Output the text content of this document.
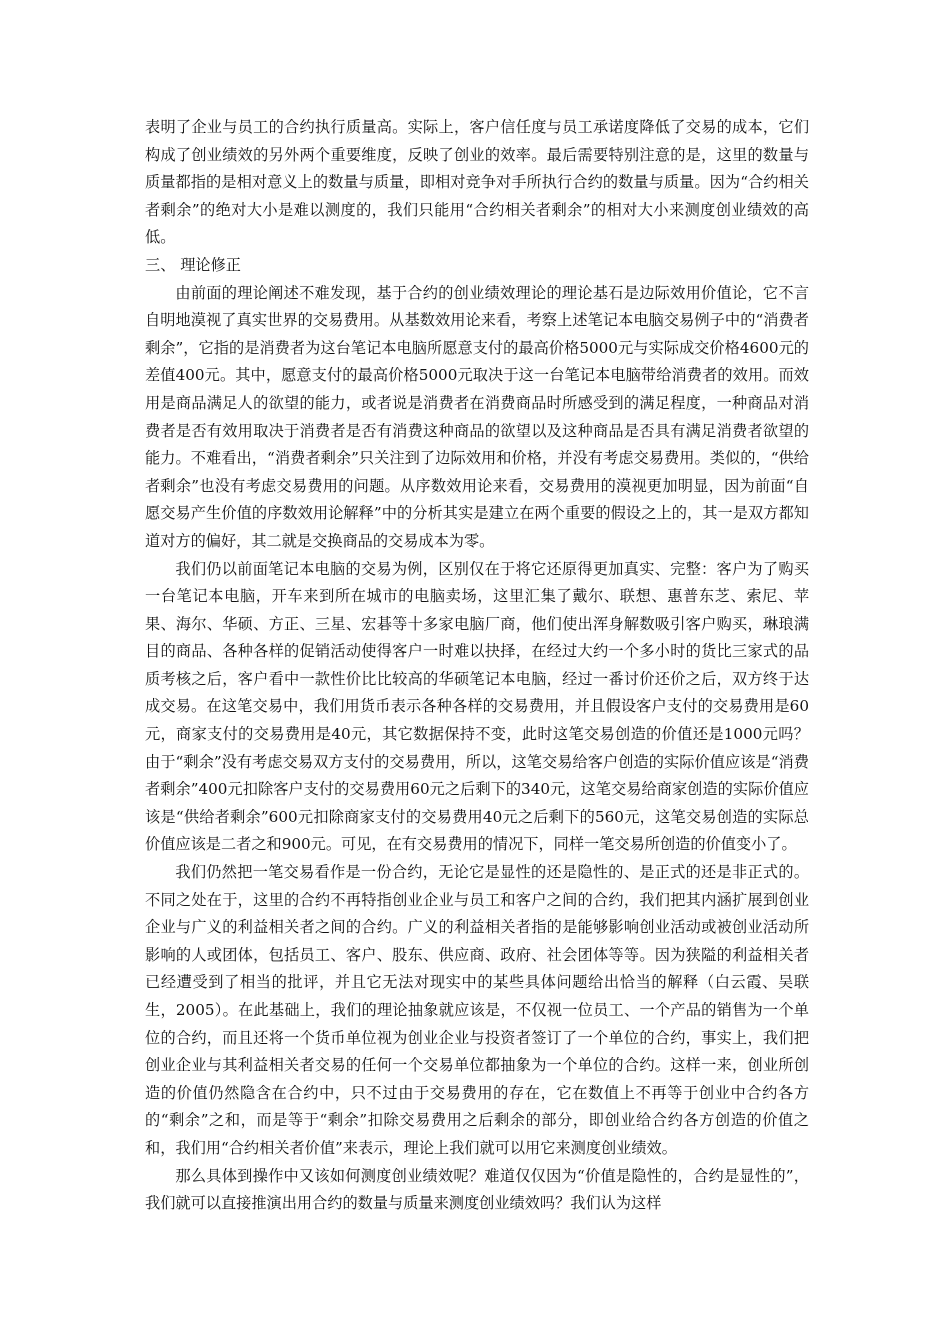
表明了企业与员工的合约执行质量高。实际上，客户信任度与员工承诺度降低了交易的成本，它们构成了创业绩效的另外两个重要维度，反映了创业的效率。最后需要特别注意的是，这里的数量与质量都指的是相对意义上的数量与质量，即相对竞争对手所执行合约的数量与质量。因为“合约相关者剩余”的绝对大小是难以测度的，我们只能用“合约相关者剩余”的相对大小来测度创业绩效的高低。

三、 理论修正

由前面的理论阐述不难发现，基于合约的创业绩效理论的理论基石是边际效用价值论，它不言自明地漠视了真实世界的交易费用。从基数效用论来看，考察上述笔记本电脑交易例子中的“消费者剩余”，它指的是消费者为这台笔记本电脑所愿意支付的最高价格5000元与实际成交价格4600元的差值400元。其中，愿意支付的最高价格5000元取决于这一台笔记本电脑带给消费者的效用。而效用是商品满足人的欲望的能力，或者说是消费者在消费商品时所感受到的满足程度，一种商品对消费者是否有效用取决于消费者是否有消费这种商品的欲望以及这种商品是否具有满足消费者欲望的能力。不难看出，“消费者剩余”只关注到了边际效用和价格，并没有考虑交易费用。类似的，“供给者剩余”也没有考虑交易费用的问题。从序数效用论来看，交易费用的漠视更加明显，因为前面“自愿交易产生价值的序数效用论解释”中的分析其实是建立在两个重要的假设之上的，其一是双方都知道对方的偏好，其二就是交换商品的交易成本为零。

我们仍以前面笔记本电脑的交易为例，区别仅在于将它还原得更加真实、完整：客户为了购买一台笔记本电脑，开车来到所在城市的电脑卖场，这里汇集了戴尔、联想、惠普东芝、索尼、苹果、海尔、华硕、方正、三星、宏碁等十多家电脑厂商，他们使出浑身解数吸引客户购买，琳琅满目的商品、各种各样的促销活动使得客户一时难以抉择，在经过大约一个多小时的货比三家式的品质考核之后，客户看中一款性价比比较高的华硕笔记本电脑，经过一番讨价还价之后，双方终于达成交易。在这笔交易中，我们用货币表示各种各样的交易费用，并且假设客户支付的交易费用是60元，商家支付的交易费用是40元，其它数据保持不变，此时这笔交易创造的价值还是1000元吗？由于“剩余”没有考虑交易双方支付的交易费用，所以，这笔交易给客户创造的实际价值应该是“消费者剩余”400元扣除客户支付的交易费用60元之后剩下的340元，这笔交易给商家创造的实际价值应该是“供给者剩余”600元扣除商家支付的交易费用40元之后剩下的560元，这笔交易创造的实际总价值应该是二者之和900元。可见，在有交易费用的情况下，同样一笔交易所创造的价值变小了。

我们仍然把一笔交易看作是一份合约，无论它是显性的还是隐性的、是正式的还是非正式的。不同之处在于，这里的合约不再特指创业企业与员工和客户之间的合约，我们把其内涵扩展到创业企业与广义的利益相关者之间的合约。广义的利益相关者指的是能够影响创业活动或被创业活动所影响的人或团体，包括员工、客户、股东、供应商、政府、社会团体等等。因为狭隘的利益相关者已经遭受到了相当的批评，并且它无法对现实中的某些具体问题给出恰当的解释（白云霞、吴联生，2005）。在此基础上，我们的理论抽象就应该是，不仅视一位员工、一个产品的销售为一个单位的合约，而且还将一个货币单位视为创业企业与投资者签订了一个单位的合约，事实上，我们把创业企业与其利益相关者交易的任何一个交易单位都抽象为一个单位的合约。这样一来，创业所创造的价值仍然隐含在合约中，只不过由于交易费用的存在，它在数值上不再等于创业中合约各方的“剩余”之和，而是等于“剩余”扣除交易费用之后剩余的部分，即创业给合约各方创造的价值之和，我们用“合约相关者价值”来表示，理论上我们就可以用它来测度创业绩效。

那么具体到操作中又该如何测度创业绩效呢？难道仅仅因为“价值是隐性的，合约是显性的”，我们就可以直接推演出用合约的数量与质量来测度创业绩效吗？我们认为这样
